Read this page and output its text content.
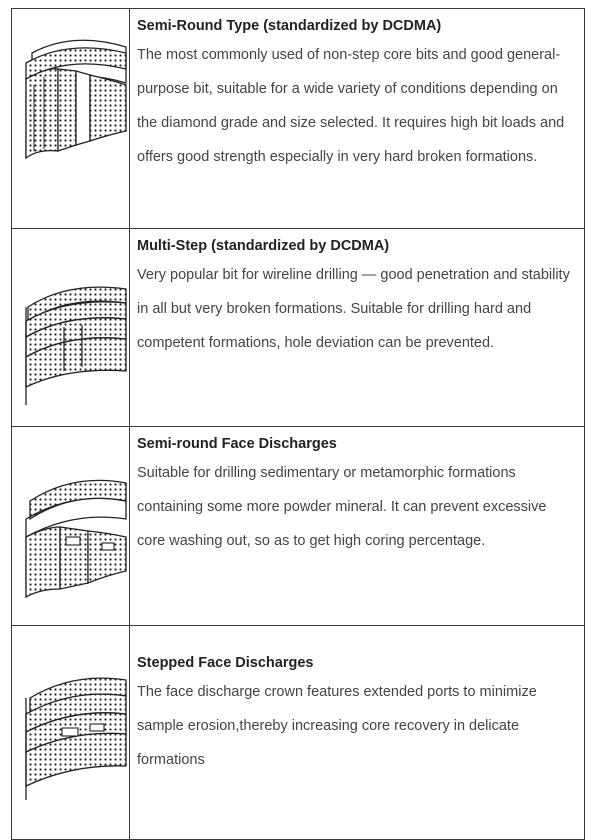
Semi-Round Type (standardized by DCDMA)
The most commonly used of non-step core bits and good general-purpose bit, suitable for a wide variety of conditions depending on the diamond grade and size selected. It requires high bit loads and offers good strength especially in very hard broken formations.

Multi-Step (standardized by DCDMA)
Very popular bit for wireline drilling — good penetration and stability in all but very broken formations. Suitable for drilling hard and competent formations, hole deviation can be prevented.

Semi-round Face Discharges
Suitable for drilling sedimentary or metamorphic formations containing some more powder mineral. It can prevent excessive core washing out, so as to get high coring percentage.

Stepped Face Discharges
The face discharge crown features extended ports to minimize sample erosion,thereby increasing core recovery in delicate formations
